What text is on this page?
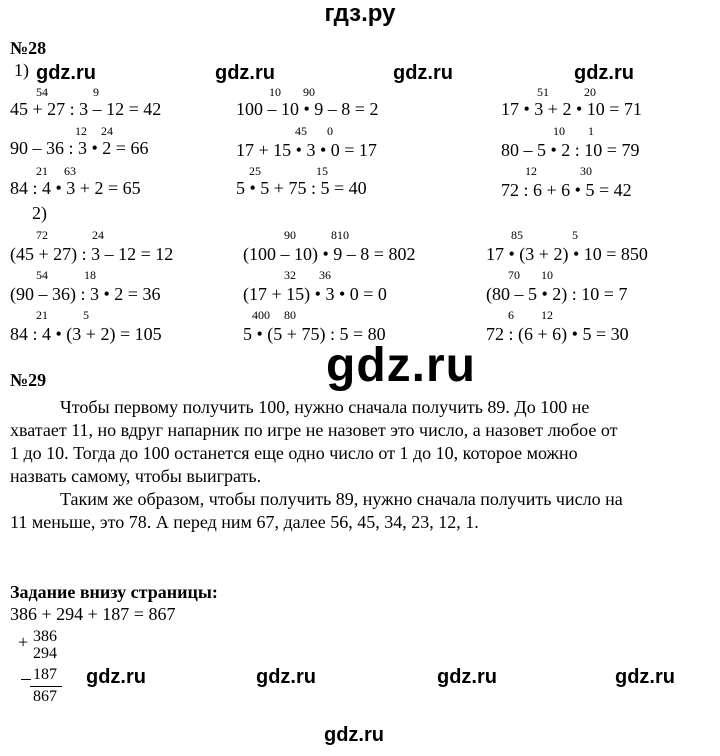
гдз.ру
№28
gdz.ru	gdz.ru	gdz.ru	gdz.ru
1)
54	9
45 + 27 : 3 – 12 = 42
10 90
100 – 10 • 9 – 8 = 2
51	20
17 • 3 + 2 • 10 = 71
12 24
90 – 36 : 3 • 2 = 66
45 0
17 + 15 • 3 • 0 = 17
10 1
80 – 5 • 2 : 10 = 79
21 63
84 : 4 • 3 + 2 = 65
25	15
5 • 5 + 75 : 5 = 40
12	30
72 : 6 + 6 • 5 = 42
2)
72	24
(45 + 27) : 3 – 12 = 12
90	810
(100 – 10) • 9 – 8 = 802
85	5
17 • (3 + 2) • 10 = 850
54	18
(90 – 36) : 3 • 2 = 36
32 36
(17 + 15) • 3 • 0 = 0
70 10
(80 – 5 • 2) : 10 = 7
21	5
84 : 4 • (3 + 2) = 105
400 80
5 • (5 + 75) : 5 = 80
6 12
72 : (6 + 6) • 5 = 30
gdz.ru
№29
Чтобы первому получить 100, нужно сначала получить 89. До 100 не
хватает 11, но вдруг напарник по игре не назовет это число, а назовет любое от
1 до 10. Тогда до 100 останется еще одно число от 1 до 10, которое можно
назвать самому, чтобы выиграть.
Таким же образом, чтобы получить 89, нужно сначала получить число на
11 меньше, это 78. А перед ним 67, далее 56, 45, 34, 23, 12, 1.
Задание внизу страницы:
386 + 294 + 187 = 867
+ 386
294
187
867
gdz.ru	gdz.ru	gdz.ru	gdz.ru
gdz.ru
